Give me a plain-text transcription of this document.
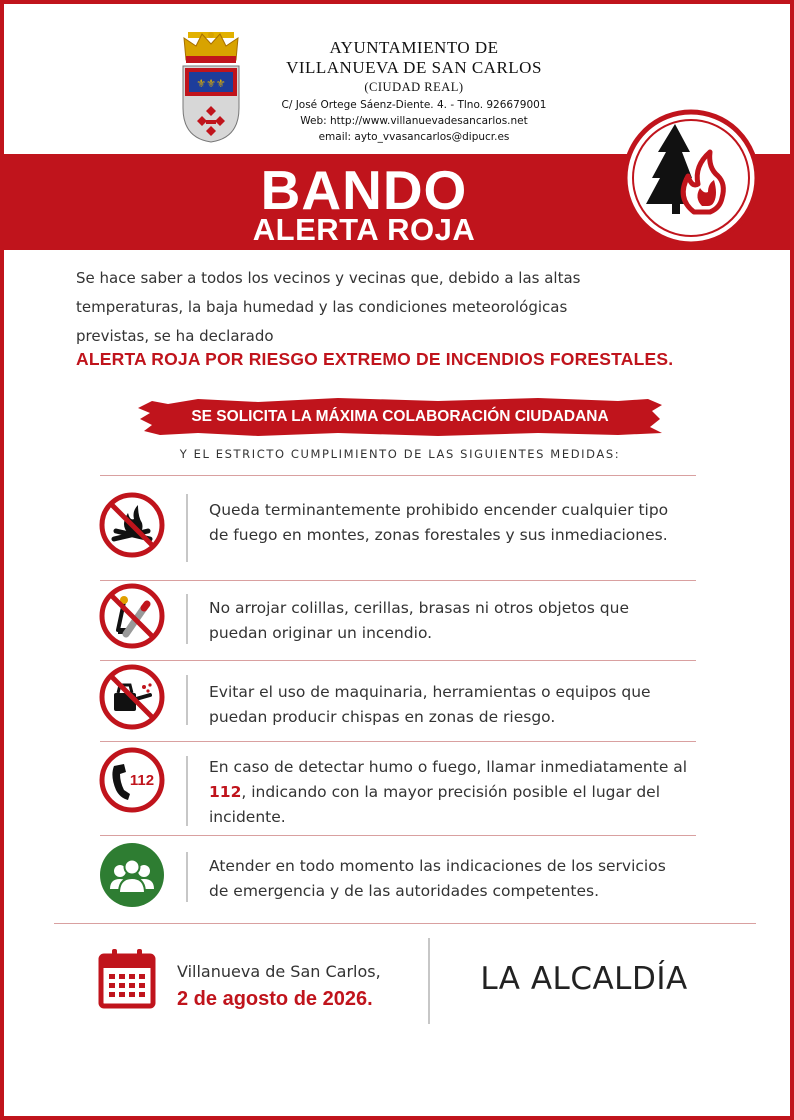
⚜⚜⚜
AYUNTAMIENTO DE
VILLANUEVA DE SAN CARLOS
(CIUDAD REAL)
C/ José Ortege Sáenz-Diente. 4. - Tlno. 926679001
Web: http://www.villanuevadesancarlos.net
email: ayto_vvasancarlos@dipucr.es
BANDO
ALERTA ROJA
Se hace saber a todos los vecinos y vecinas que, debido a las altas temperaturas, la baja humedad y las condiciones meteorológicas previstas, se ha declarado
ALERTA ROJA POR RIESGO EXTREMO DE INCENDIOS FORESTALES.
SE SOLICITA LA MÁXIMA COLABORACIÓN CIUDADANA
Y EL ESTRICTO CUMPLIMIENTO DE LAS SIGUIENTES MEDIDAS:
Queda terminantemente prohibido encender cualquier tipo de fuego en montes, zonas forestales y sus inmediaciones.
No arrojar colillas, cerillas, brasas ni otros objetos que puedan originar un incendio.
Evitar el uso de maquinaria, herramientas o equipos que puedan producir chispas en zonas de riesgo.
112
En caso de detectar humo o fuego, llamar inmediatamente al 112, indicando con la mayor precisión posible el lugar del incidente.
Atender en todo momento las indicaciones de los servicios de emergencia y de las autoridades competentes.
Villanueva de San Carlos,
2 de agosto de 2026.
LA ALCALDÍA
